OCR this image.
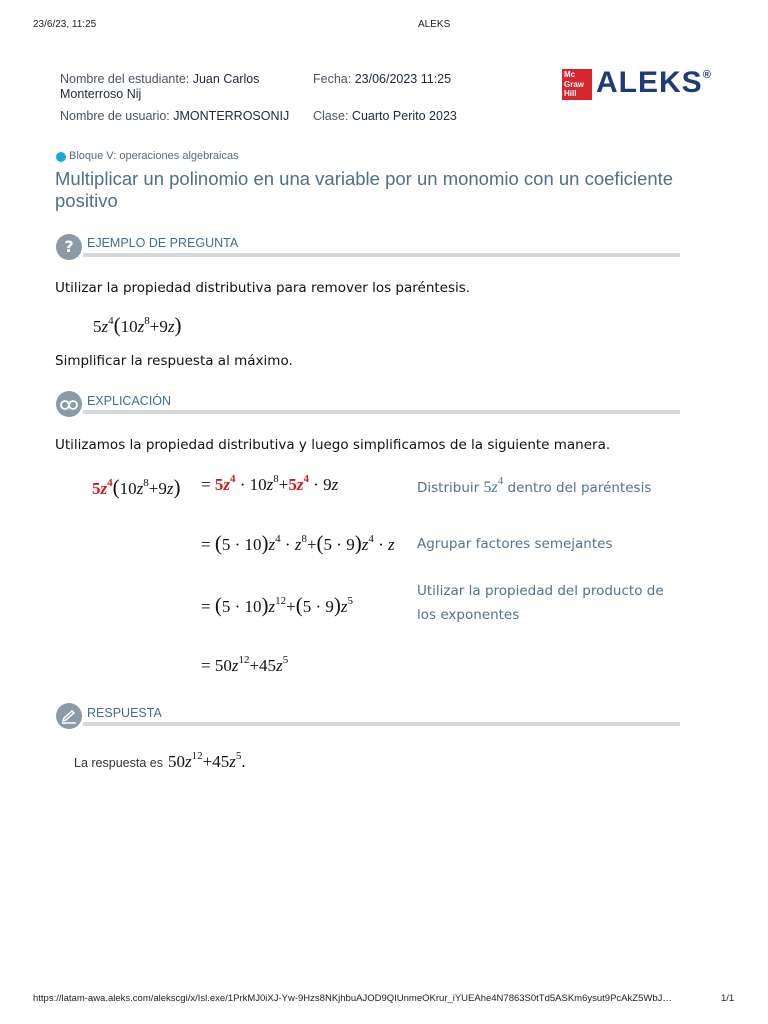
23/6/23, 11:25	ALEKS
Nombre del estudiante: Juan Carlos
Monterroso Nij
Nombre de usuario: JMONTERROSONIJ
Fecha: 23/06/2023 11:25
Clase: Cuarto Perito 2023
Mc
Graw
Hill ALEKS®
Bloque V: operaciones algebraicas
Multiplicar un polinomio en una variable por un monomio con un coeficiente positivo
?	EJEMPLO DE PREGUNTA
Utilizar la propiedad distributiva para remover los paréntesis.
$5z^4(10z^8+9z)$
Simplificar la respuesta al máximo.
EXPLICACIÓN
Utilizamos la propiedad distributiva y luego simplificamos de la siguiente manera.
$5z^4(10z^8+9z) = 5z^4 \cdot 10z^8+5z^4 \cdot 9z$	Distribuir $5z^4$ dentro del paréntesis
= $(5 \cdot 10)z^4 \cdot z^8+(5 \cdot 9)z^4 \cdot z$ Agrupar factores semejantes
= $(5 \cdot 10)z^{12}+(5 \cdot 9)z^5$
Utilizar la propiedad del producto de
los exponentes
= $50z^{12}+45z^5$
RESPUESTA
La respuesta es $50z^{12}+45z^5$.
https://latam-awa.aleks.com/alekscgi/x/Isl.exe/1PrkMJ0iXJ-Yw-9Hzs8NKjhbuAJOD9QIUnmeOKrur_iYUEAhe4N7863S0tTd5ASKm6ysut9PcAkZ5WbJ…	1/1
